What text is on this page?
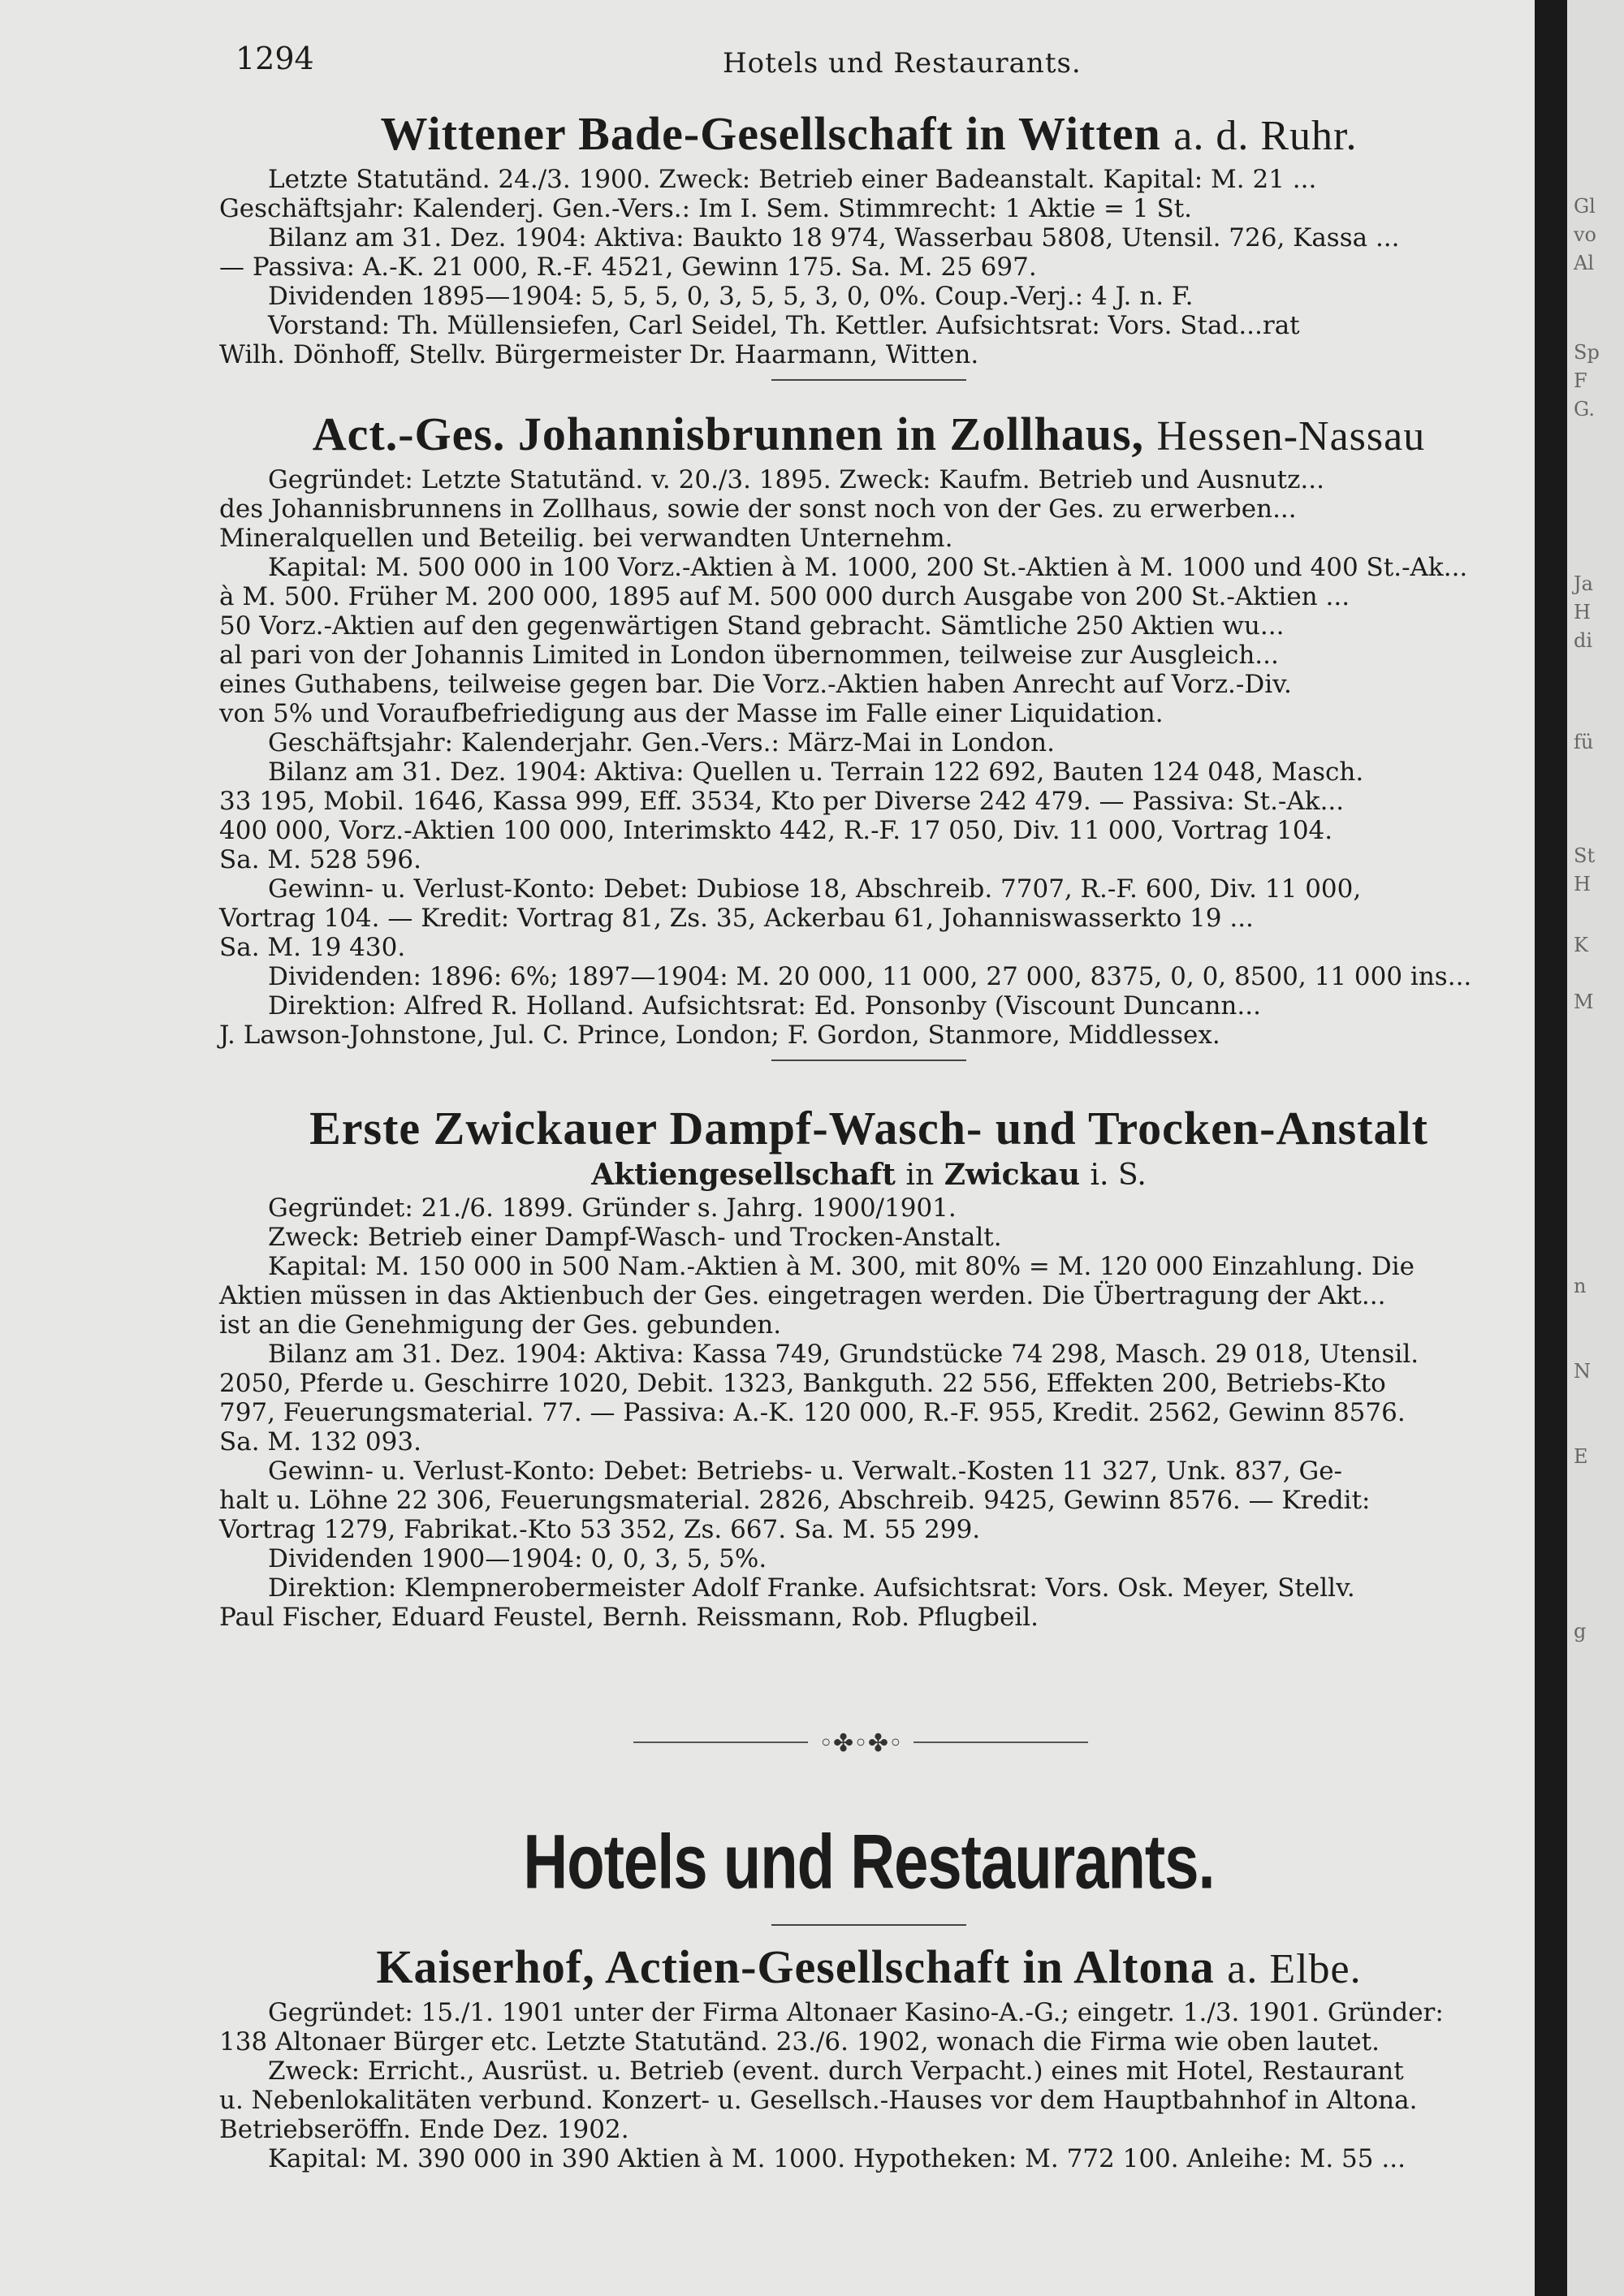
1294	Hotels und Restaurants.
Wittener Bade-Gesellschaft in Witten a. d. Ruhr.

Letzte Statutänd. 24./3. 1900. Zweck: Betrieb einer Badeanstalt. Kapital: M. 21 ...

Geschäftsjahr: Kalenderj. Gen.-Vers.: Im I. Sem. Stimmrecht: 1 Aktie = 1 St.

Bilanz am 31. Dez. 1904: Aktiva: Baukto 18 974, Wasserbau 5808, Utensil. 726, Kassa ...

— Passiva: A.-K. 21 000, R.-F. 4521, Gewinn 175. Sa. M. 25 697.

Dividenden 1895—1904: 5, 5, 5, 0, 3, 5, 5, 3, 0, 0%. Coup.-Verj.: 4 J. n. F.

Vorstand: Th. Müllensiefen, Carl Seidel, Th. Kettler. Aufsichtsrat: Vors. Stad...rat

Wilh. Dönhoff, Stellv. Bürgermeister Dr. Haarmann, Witten.

Act.-Ges. Johannisbrunnen in Zollhaus, Hessen-Nassau

Gegründet: Letzte Statutänd. v. 20./3. 1895. Zweck: Kaufm. Betrieb und Ausnutz...

des Johannisbrunnens in Zollhaus, sowie der sonst noch von der Ges. zu erwerben...

Mineralquellen und Beteilig. bei verwandten Unternehm.

Kapital: M. 500 000 in 100 Vorz.-Aktien à M. 1000, 200 St.-Aktien à M. 1000 und 400 St.-Ak...

à M. 500. Früher M. 200 000, 1895 auf M. 500 000 durch Ausgabe von 200 St.-Aktien ...

50 Vorz.-Aktien auf den gegenwärtigen Stand gebracht. Sämtliche 250 Aktien wu...

al pari von der Johannis Limited in London übernommen, teilweise zur Ausgleich...

eines Guthabens, teilweise gegen bar. Die Vorz.-Aktien haben Anrecht auf Vorz.-Div.

von 5% und Voraufbefriedigung aus der Masse im Falle einer Liquidation.

Geschäftsjahr: Kalenderjahr. Gen.-Vers.: März-Mai in London.

Bilanz am 31. Dez. 1904: Aktiva: Quellen u. Terrain 122 692, Bauten 124 048, Masch.

33 195, Mobil. 1646, Kassa 999, Eff. 3534, Kto per Diverse 242 479. — Passiva: St.-Ak...

400 000, Vorz.-Aktien 100 000, Interimskto 442, R.-F. 17 050, Div. 11 000, Vortrag 104.

Sa. M. 528 596.

Gewinn- u. Verlust-Konto: Debet: Dubiose 18, Abschreib. 7707, R.-F. 600, Div. 11 000,

Vortrag 104. — Kredit: Vortrag 81, Zs. 35, Ackerbau 61, Johanniswasserkto 19 ...

Sa. M. 19 430.

Dividenden: 1896: 6%; 1897—1904: M. 20 000, 11 000, 27 000, 8375, 0, 0, 8500, 11 000 ins...

Direktion: Alfred R. Holland. Aufsichtsrat: Ed. Ponsonby (Viscount Duncann...

J. Lawson-Johnstone, Jul. C. Prince, London; F. Gordon, Stanmore, Middlessex.

Erste Zwickauer Dampf-Wasch- und Trocken-Anstalt
Aktiengesellschaft in Zwickau i. S.

Gegründet: 21./6. 1899. Gründer s. Jahrg. 1900/1901.

Zweck: Betrieb einer Dampf-Wasch- und Trocken-Anstalt.

Kapital: M. 150 000 in 500 Nam.-Aktien à M. 300, mit 80% = M. 120 000 Einzahlung. Die

Aktien müssen in das Aktienbuch der Ges. eingetragen werden. Die Übertragung der Akt...

ist an die Genehmigung der Ges. gebunden.

Bilanz am 31. Dez. 1904: Aktiva: Kassa 749, Grundstücke 74 298, Masch. 29 018, Utensil.

2050, Pferde u. Geschirre 1020, Debit. 1323, Bankguth. 22 556, Effekten 200, Betriebs-Kto

797, Feuerungsmaterial. 77. — Passiva: A.-K. 120 000, R.-F. 955, Kredit. 2562, Gewinn 8576.

Sa. M. 132 093.

Gewinn- u. Verlust-Konto: Debet: Betriebs- u. Verwalt.-Kosten 11 327, Unk. 837, Ge-

halt u. Löhne 22 306, Feuerungsmaterial. 2826, Abschreib. 9425, Gewinn 8576. — Kredit:

Vortrag 1279, Fabrikat.-Kto 53 352, Zs. 667. Sa. M. 55 299.

Dividenden 1900—1904: 0, 0, 3, 5, 5%.

Direktion: Klempnerobermeister Adolf Franke. Aufsichtsrat: Vors. Osk. Meyer, Stellv.

Paul Fischer, Eduard Feustel, Bernh. Reissmann, Rob. Pflugbeil.

◦✤◦✤◦
Hotels und Restaurants.
Kaiserhof, Actien-Gesellschaft in Altona a. Elbe.

Gegründet: 15./1. 1901 unter der Firma Altonaer Kasino-A.-G.; eingetr. 1./3. 1901. Gründer:

138 Altonaer Bürger etc. Letzte Statutänd. 23./6. 1902, wonach die Firma wie oben lautet.

Zweck: Erricht., Ausrüst. u. Betrieb (event. durch Verpacht.) eines mit Hotel, Restaurant

u. Nebenlokalitäten verbund. Konzert- u. Gesellsch.-Hauses vor dem Hauptbahnhof in Altona.

Betriebseröffn. Ende Dez. 1902.

Kapital: M. 390 000 in 390 Aktien à M. 1000. Hypotheken: M. 772 100. Anleihe: M. 55 ...

Gl
vo
Al
Sp
F
G.
Ja
H
di
fü
St
H
K
M
n
N
E
g
